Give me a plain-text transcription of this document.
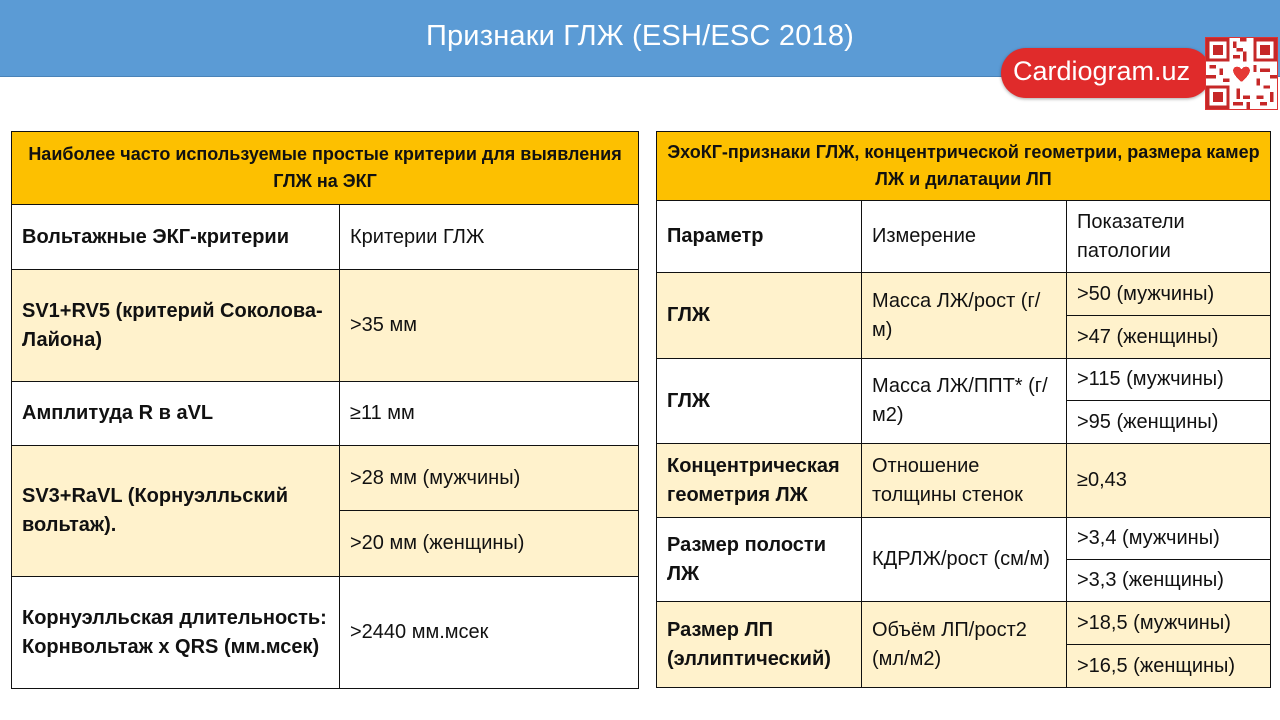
Признаки ГЛЖ (ESH/ESC 2018)
Cardiogram.uz
Наиболее часто используемые простые критерии для выявления ГЛЖ на ЭКГ	
Вольтажные ЭКГ-критерии	Критерии ГЛЖ
SV1+RV5 (критерий Соколова-Лайона)	>35 мм
Амплитуда R в aVL	≥11 мм
SV3+RaVL (Корнуэлльский вольтаж).	>28 мм (мужчины)
	>20 мм (женщины)
Корнуэлльская длительность: Корнвольтаж х QRS (мм.мсек)	>2440 мм.мсек
ЭхоКГ-признаки ГЛЖ, концентрической геометрии, размера камер ЛЖ и дилатации ЛП		
Параметр	Измерение	Показатели патологии
ГЛЖ	Масса ЛЖ/рост (г/м)	>50 (мужчины)
		>47 (женщины)
ГЛЖ	Масса ЛЖ/ППТ* (г/м2)	>115 (мужчины)
		>95 (женщины)
Концентрическая геометрия ЛЖ	Отношение толщины стенок	≥0,43
Размер полости ЛЖ	КДРЛЖ/рост (см/м)	>3,4 (мужчины)
		>3,3 (женщины)
Размер ЛП (эллиптический)	Объём ЛП/рост2 (мл/м2)	>18,5 (мужчины)
		>16,5 (женщины)
